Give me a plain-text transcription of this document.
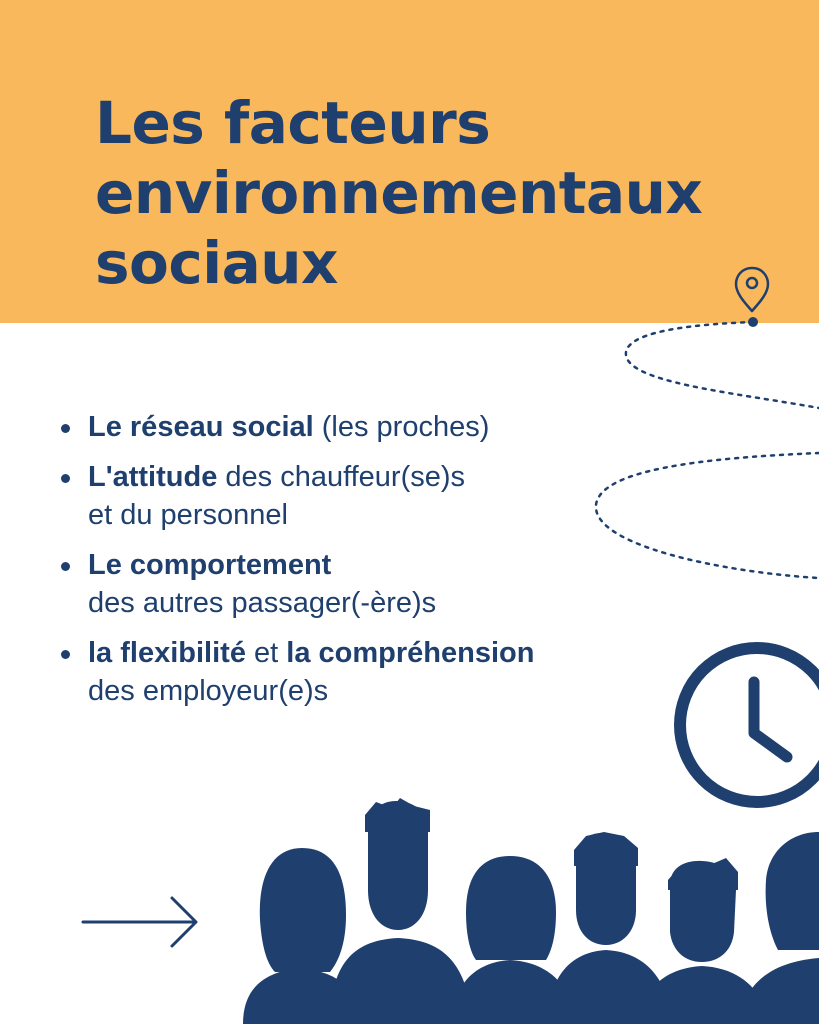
Les facteurs
environnementaux
sociaux
Le réseau social (les proches)
L'attitude des chauffeur(se)s
et du personnel
Le comportement
des autres passager(-ère)s
la flexibilité et la compréhension
des employeur(e)s
